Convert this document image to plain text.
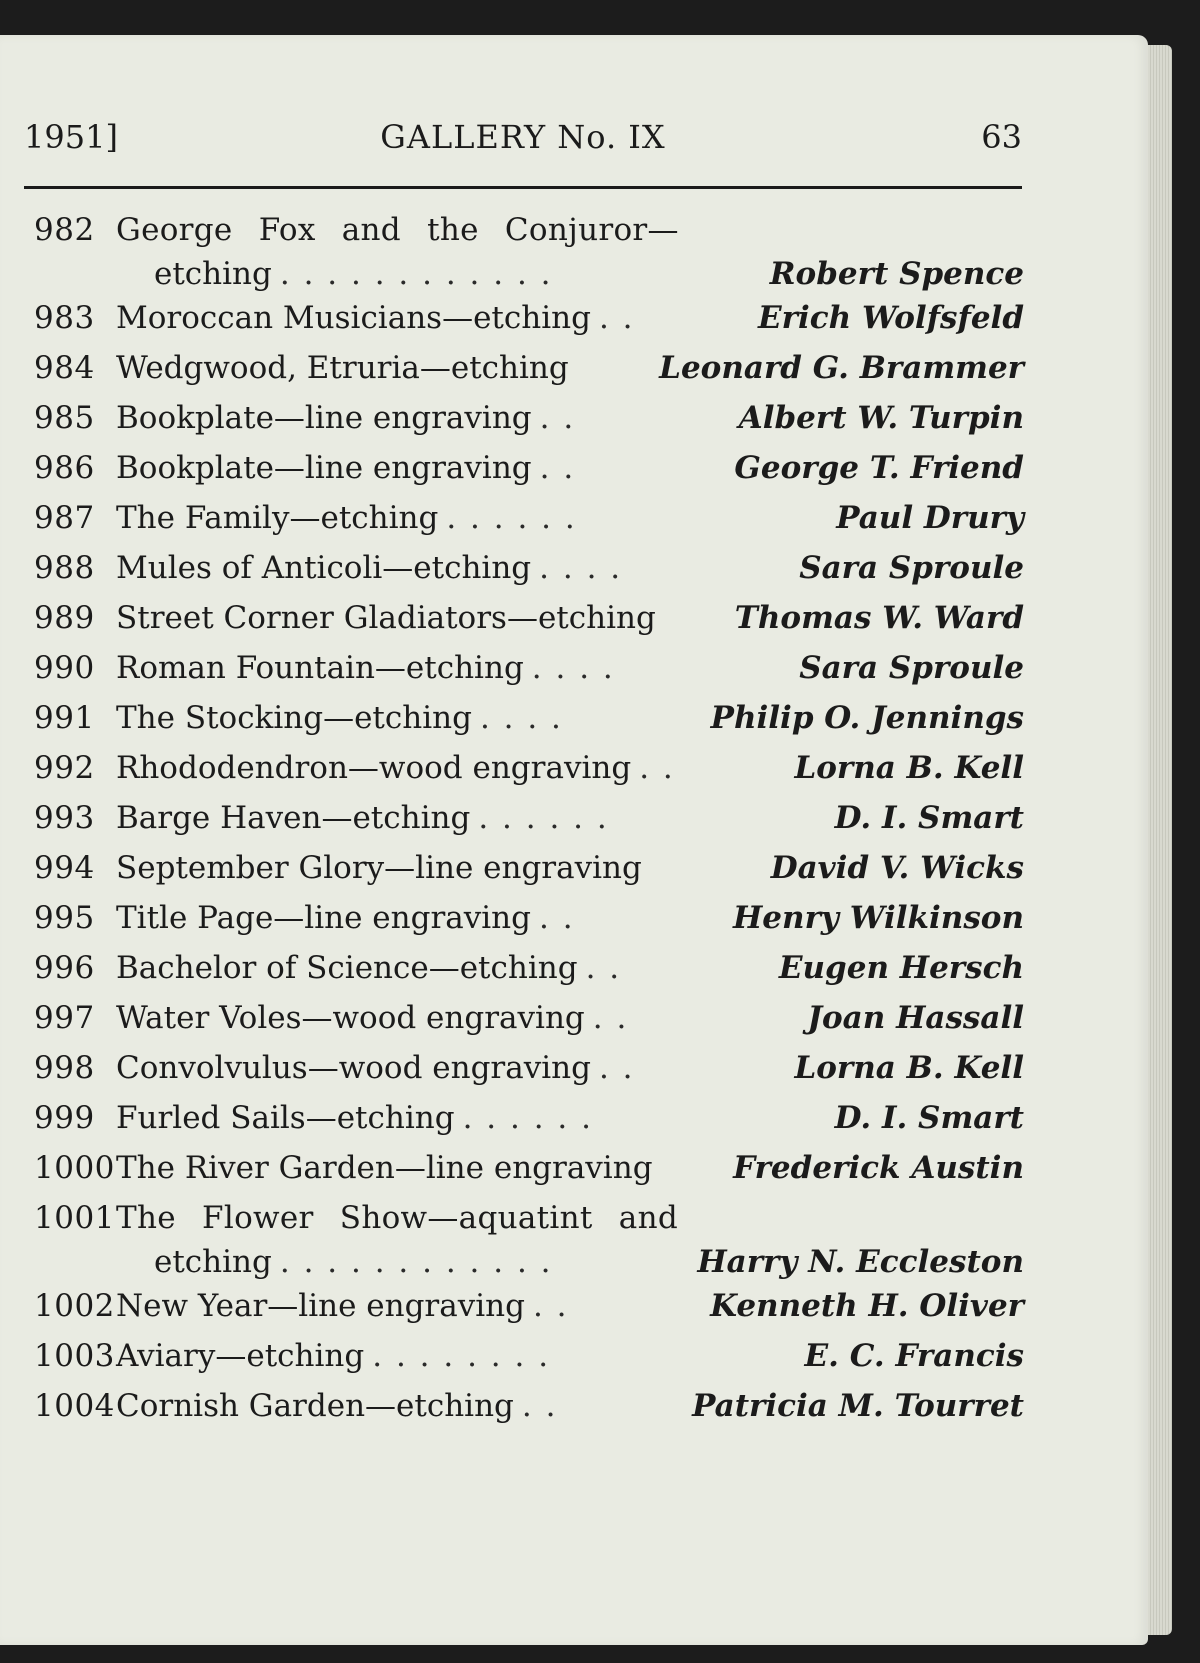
1951]	GALLERY No. IX	63
982 George Fox and the Conjuror—
etching . . . . . . . . . . . .	Robert Spence
983 Moroccan Musicians—etching . .	Erich Wolfsfeld
984 Wedgwood, Etruria—etching	Leonard G. Brammer
985 Bookplate—line engraving . .	Albert W. Turpin
986 Bookplate—line engraving . .	George T. Friend
987 The Family—etching . . . . . .	Paul Drury
988 Mules of Anticoli—etching . . . .	Sara Sproule
989 Street Corner Gladiators—etching	Thomas W. Ward
990 Roman Fountain—etching . . . .	Sara Sproule
991 The Stocking—etching . . . .	Philip O. Jennings
992 Rhododendron—wood engraving . .	Lorna B. Kell
993 Barge Haven—etching . . . . . .	D. I. Smart
994 September Glory—line engraving	David V. Wicks
995 Title Page—line engraving . .	Henry Wilkinson
996 Bachelor of Science—etching . .	Eugen Hersch
997 Water Voles—wood engraving . .	Joan Hassall
998 Convolvulus—wood engraving . .	Lorna B. Kell
999 Furled Sails—etching . . . . . .	D. I. Smart
1000 The River Garden—line engraving	Frederick Austin
1001 The Flower Show—aquatint and
etching . . . . . . . . . . . .	Harry N. Eccleston
1002 New Year—line engraving . .	Kenneth H. Oliver
1003 Aviary—etching . . . . . . . .	E. C. Francis
1004 Cornish Garden—etching . .	Patricia M. Tourret
